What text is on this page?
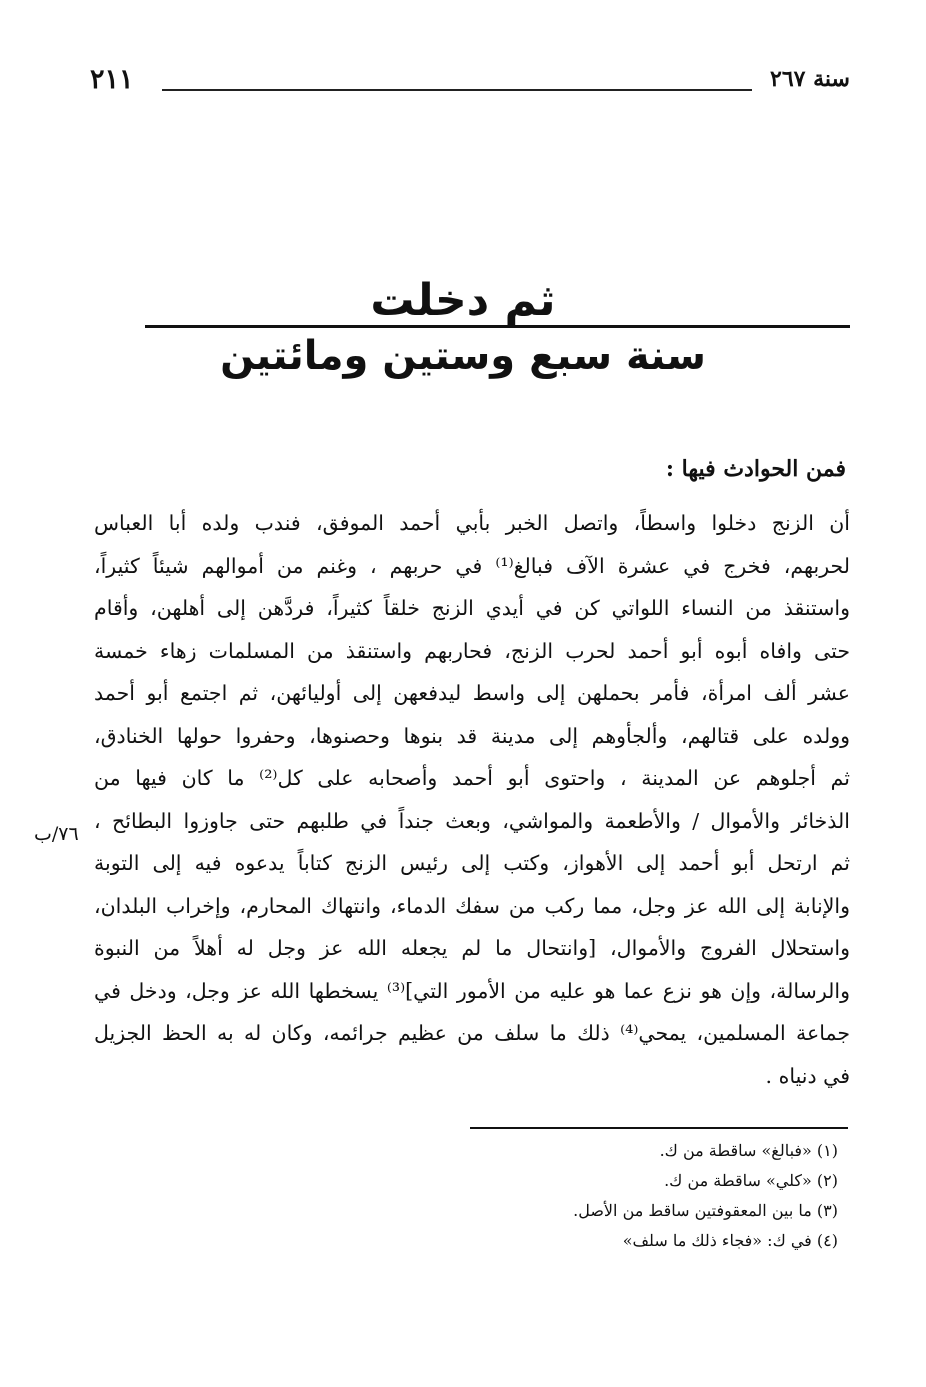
٢١١	سنة ٢٦٧
ثم دخلت
سنة سبع وستين ومائتين
فمن الحوادث فيها :
أن الزنج دخلوا واسطاً، واتصل الخبر بأبي أحمد الموفق، فندب ولده أبا العباس
لحربهم، فخرج في عشرة الآف فبالغ⁽¹⁾ في حربهم ، وغنم من أموالهم شيئاً كثيراً،
واستنقذ من النساء اللواتي كن في أيدي الزنج خلقاً كثيراً، فردَّهن إلى أهلهن، وأقام
حتى وافاه أبوه أبو أحمد لحرب الزنج، فحاربهم واستنقذ من المسلمات زهاء خمسة
عشر ألف امرأة، فأمر بحملهن إلى واسط ليدفعهن إلى أوليائهن، ثم اجتمع أبو أحمد
وولده على قتالهم، وألجأوهم إلى مدينة قد بنوها وحصنوها، وحفروا حولها الخنادق،
ثم أجلوهم عن المدينة ، واحتوى أبو أحمد وأصحابه على كل⁽²⁾ ما كان فيها من
الذخائر والأموال / والأطعمة والمواشي، وبعث جنداً في طلبهم حتى جاوزوا البطائح ،
ثم ارتحل أبو أحمد إلى الأهواز، وكتب إلى رئيس الزنج كتاباً يدعوه فيه إلى التوبة
والإنابة إلى الله عز وجل، مما ركب من سفك الدماء، وانتهاك المحارم، وإخراب البلدان،
واستحلال الفروج والأموال، [وانتحال ما لم يجعله الله عز وجل له أهلاً من النبوة
والرسالة، وإن هو نزع عما هو عليه من الأمور التي]⁽³⁾ يسخطها الله عز وجل، ودخل في
جماعة المسلمين، يمحي⁽⁴⁾ ذلك ما سلف من عظيم جرائمه، وكان له به الحظ الجزيل
في دنياه .
٧٦/ب
(١) «فبالغ» ساقطة من ك.
(٢) «كلي» ساقطة من ك.
(٣) ما بين المعقوفتين ساقط من الأصل.
(٤) في ك: «فجاء ذلك ما سلف»
